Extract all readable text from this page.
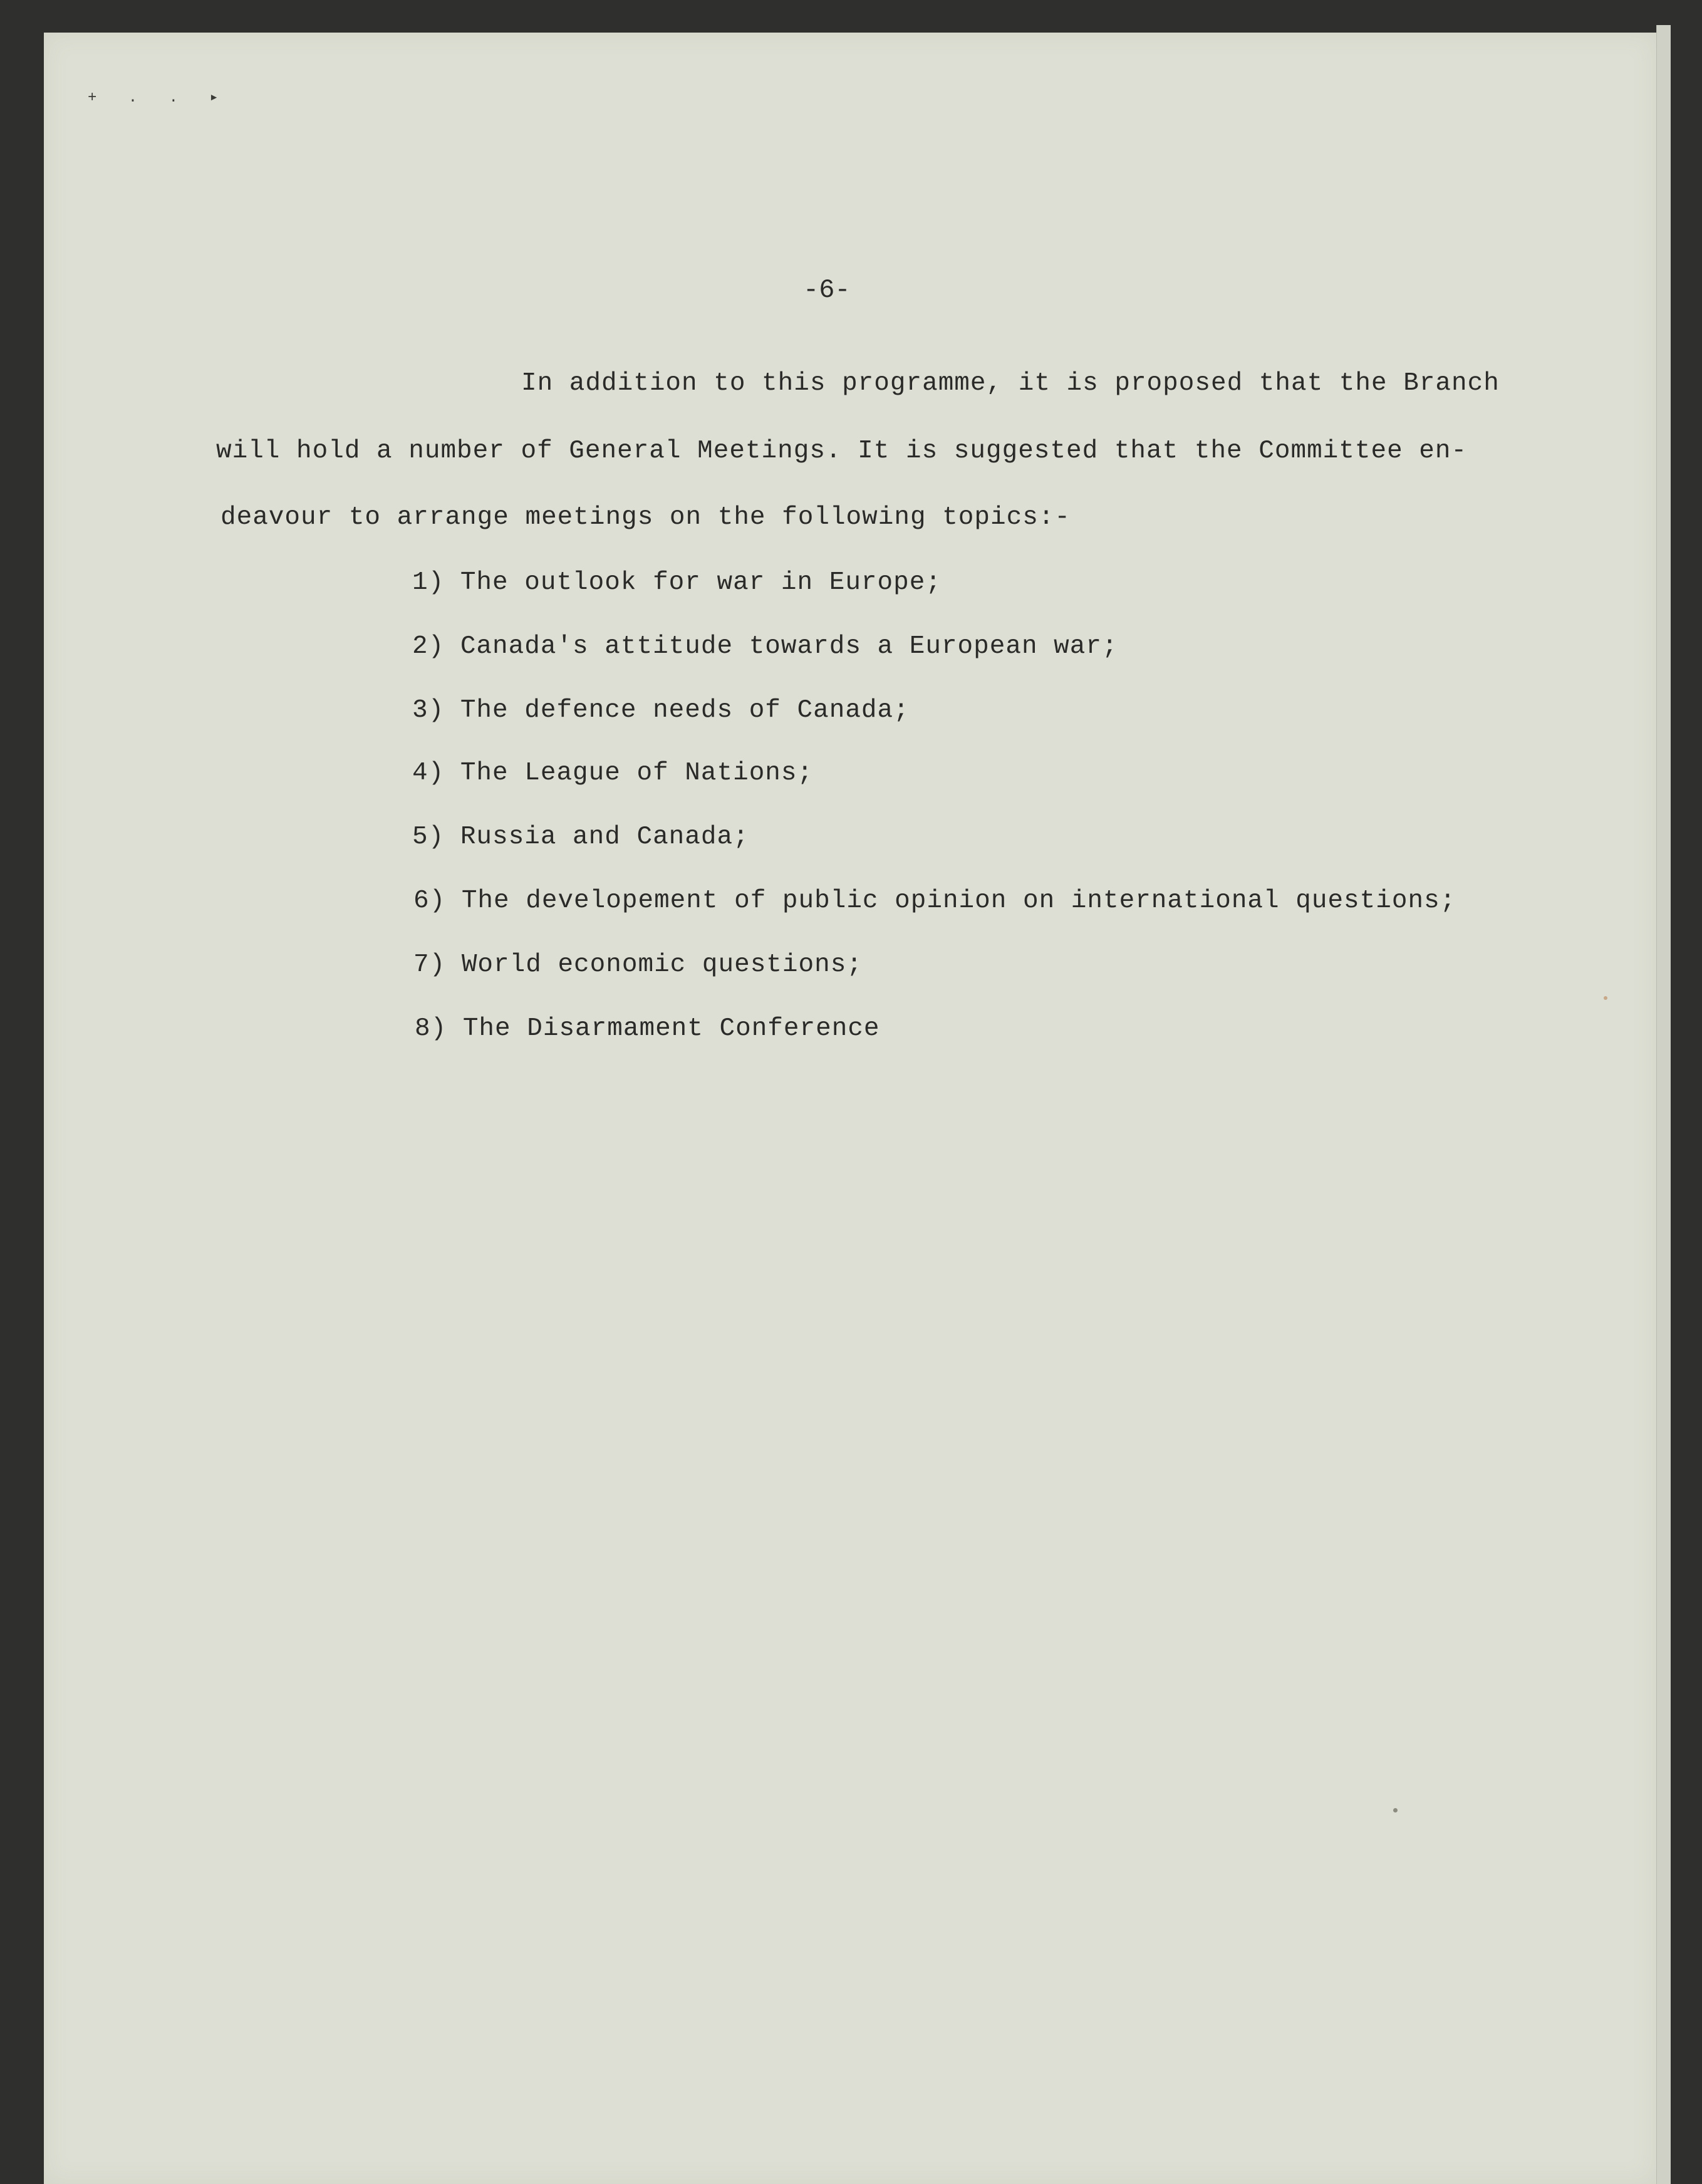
+ . . ▸
-6-
In addition to this programme, it is proposed that the Branch
will hold a number of General Meetings. It is suggested that the Committee en-
deavour to arrange meetings on the following topics:-
1) The outlook for war in Europe;
2) Canada's attitude towards a European war;
3) The defence needs of Canada;
4) The League of Nations;
5) Russia and Canada;
6) The developement of public opinion on international questions;
7) World economic questions;
8) The Disarmament Conference
